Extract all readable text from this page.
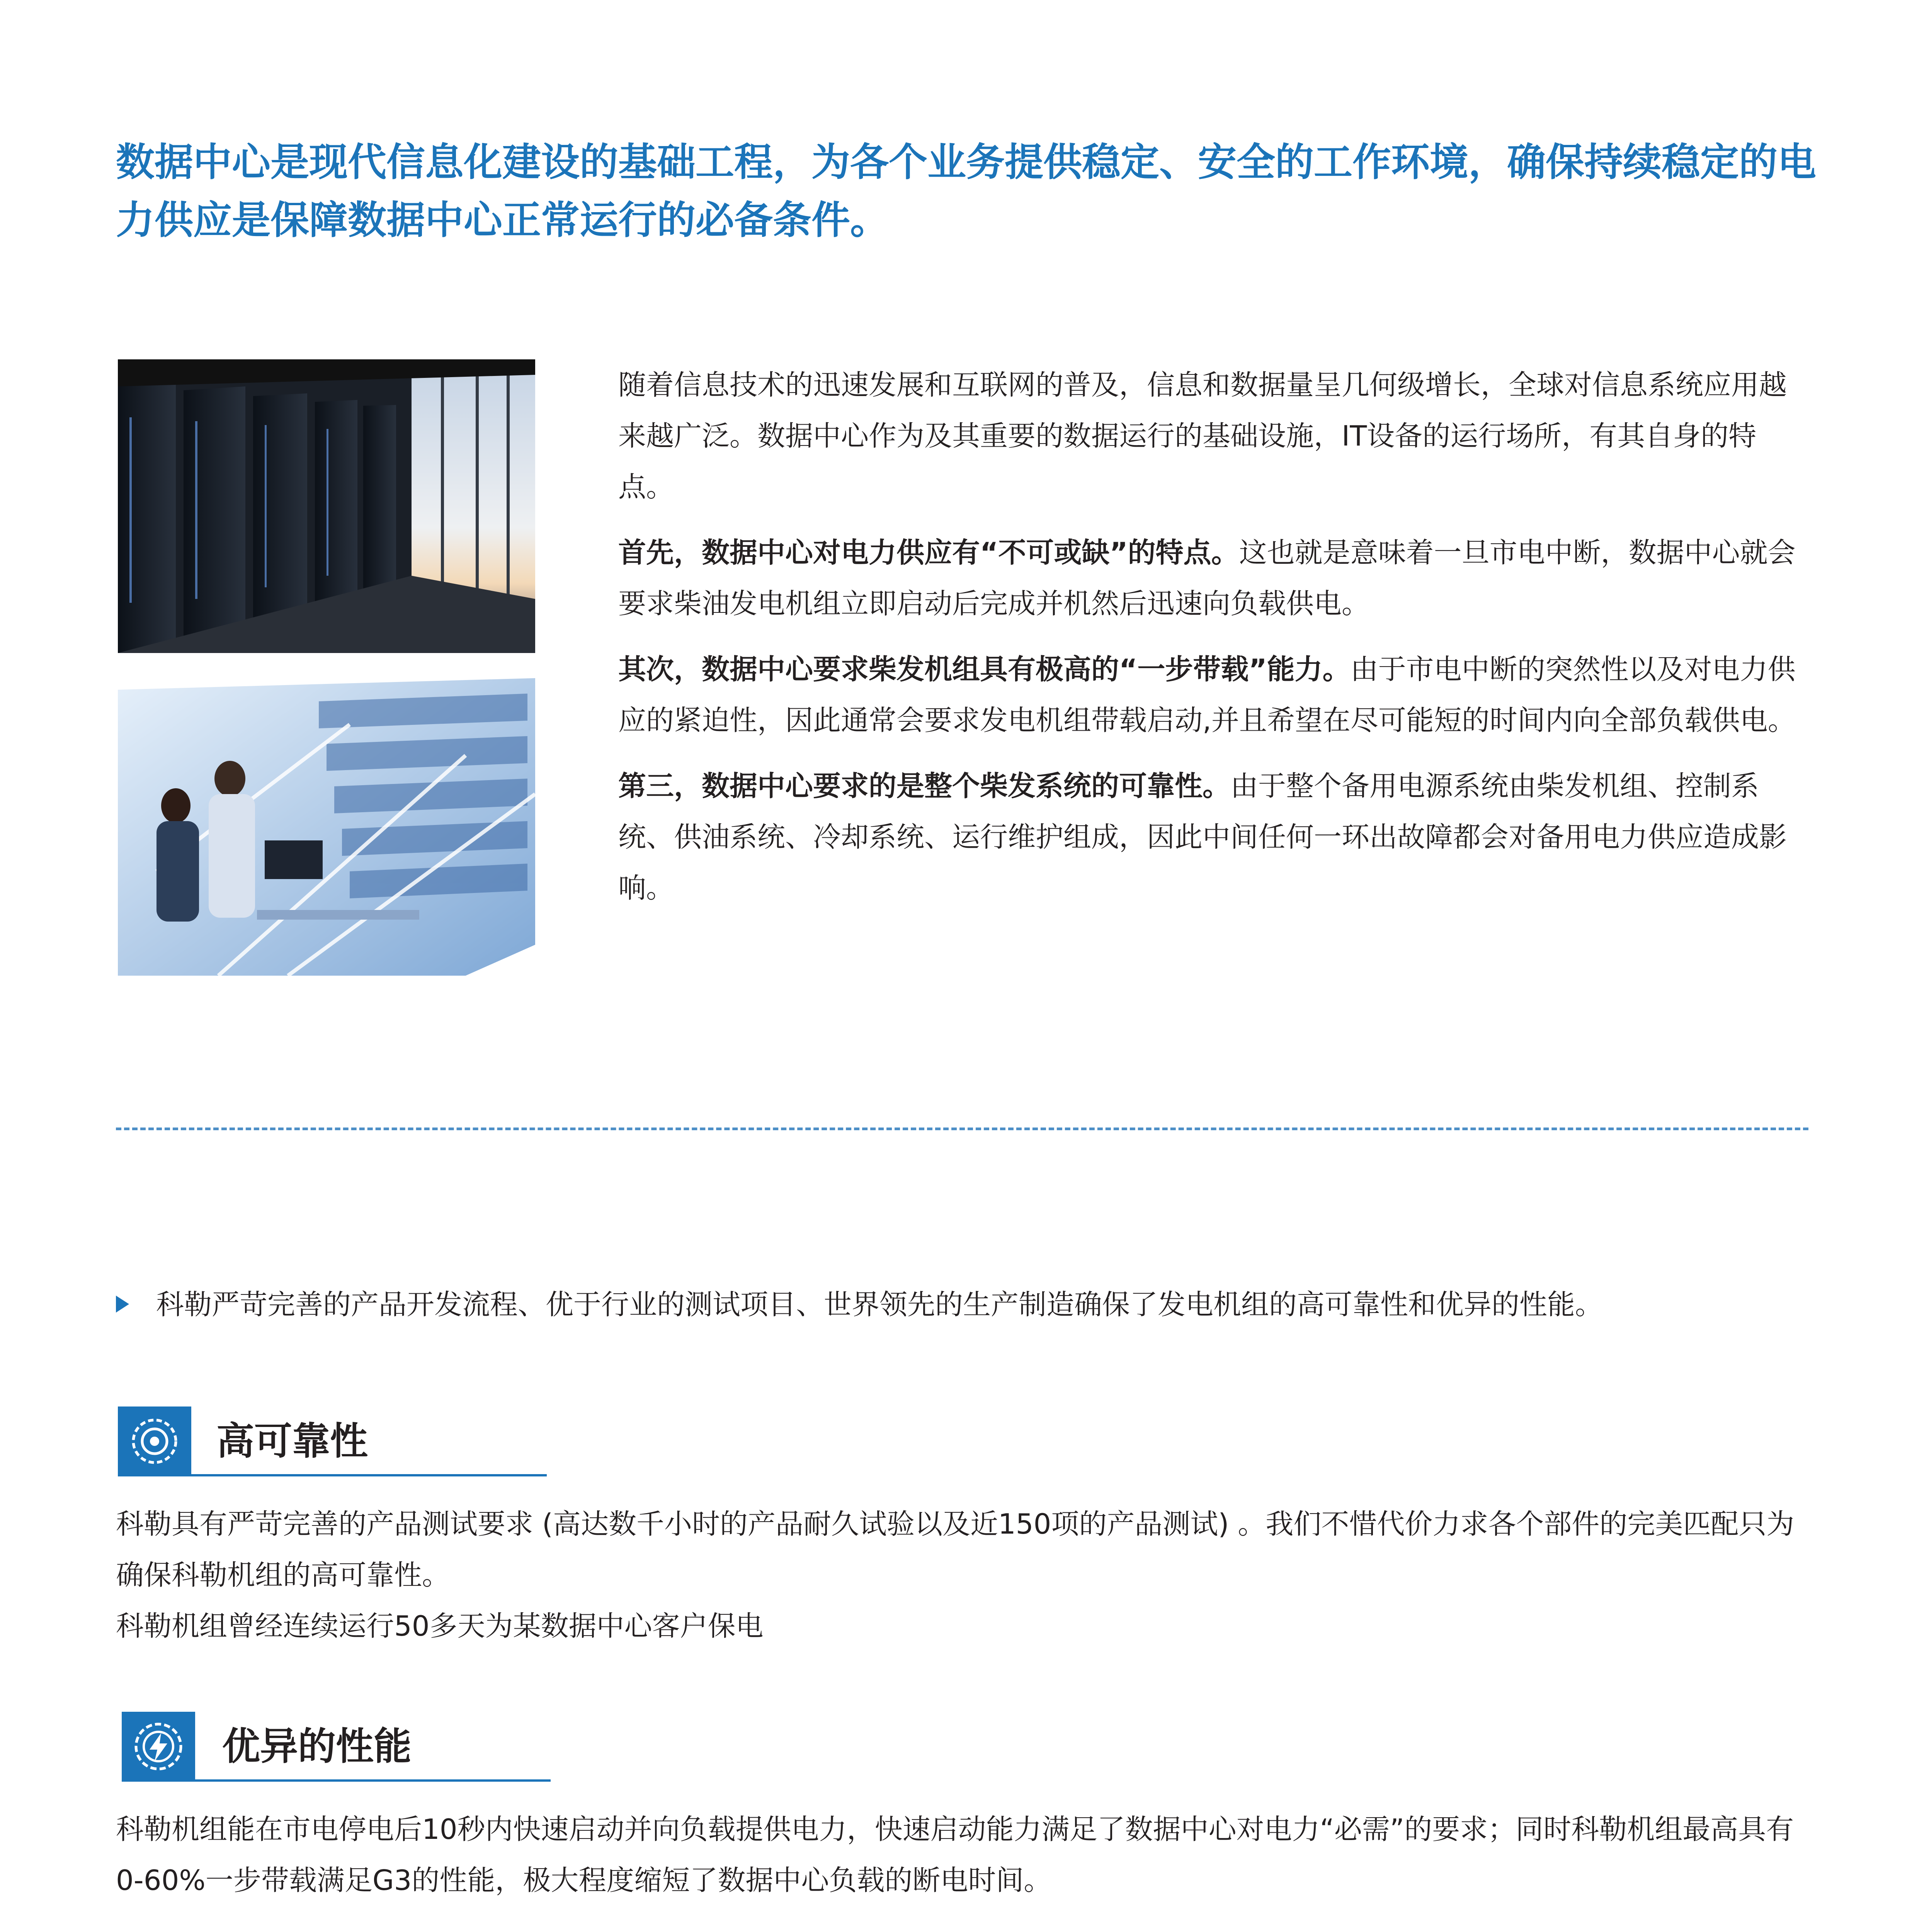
数据中心是现代信息化建设的基础工程，为各个业务提供稳定、安全的工作环境，确保持续稳定的电力供应是保障数据中心正常运行的必备条件。

随着信息技术的迅速发展和互联网的普及，信息和数据量呈几何级增长，全球对信息系统应用越来越广泛。数据中心作为及其重要的数据运行的基础设施，IT设备的运行场所，有其自身的特点。

首先，数据中心对电力供应有“不可或缺”的特点。这也就是意味着一旦市电中断，数据中心就会要求柴油发电机组立即启动后完成并机然后迅速向负载供电。

其次，数据中心要求柴发机组具有极高的“一步带载”能力。由于市电中断的突然性以及对电力供应的紧迫性，因此通常会要求发电机组带载启动,并且希望在尽可能短的时间内向全部负载供电。

第三，数据中心要求的是整个柴发系统的可靠性。由于整个备用电源系统由柴发机组、控制系统、供油系统、冷却系统、运行维护组成，因此中间任何一环出故障都会对备用电力供应造成影响。

科勒严苛完善的产品开发流程、优于行业的测试项目、世界领先的生产制造确保了发电机组的高可靠性和优异的性能。
高可靠性
科勒具有严苛完善的产品测试要求 (高达数千小时的产品耐久试验以及近150项的产品测试) 。我们不惜代价力求各个部件的完美匹配只为确保科勒机组的高可靠性。
科勒机组曾经连续运行50多天为某数据中心客户保电
优异的性能
科勒机组能在市电停电后10秒内快速启动并向负载提供电力，快速启动能力满足了数据中心对电力“必需”的要求；同时科勒机组最高具有0-60%一步带载满足G3的性能，极大程度缩短了数据中心负载的断电时间。
